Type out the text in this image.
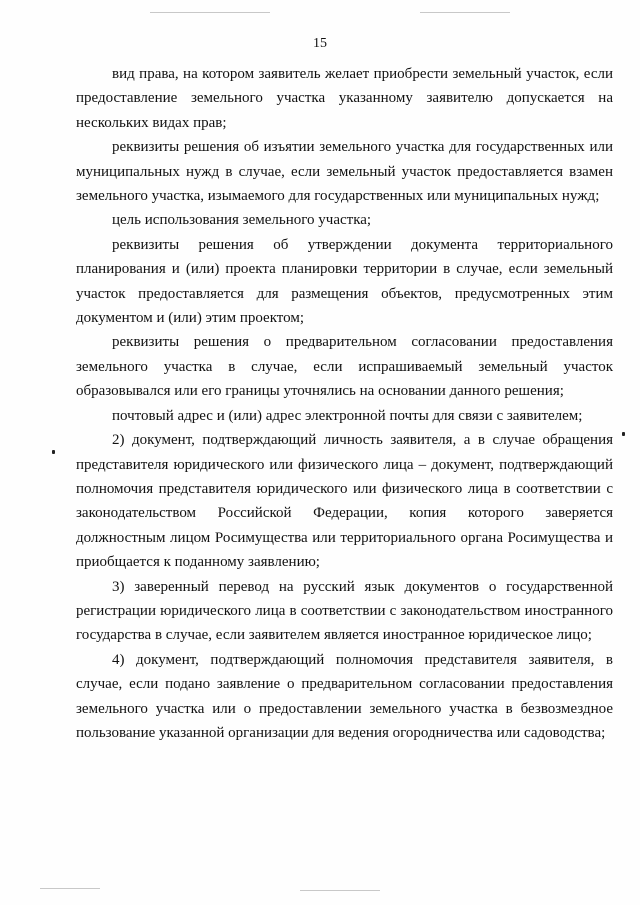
15

вид права, на котором заявитель желает приобрести земельный участок, если предоставление земельного участка указанному заявителю допускается на нескольких видах прав;

реквизиты решения об изъятии земельного участка для государственных или муниципальных нужд в случае, если земельный участок предоставляется взамен земельного участка, изымаемого для государственных или муниципальных нужд;

цель использования земельного участка;

реквизиты решения об утверждении документа территориального планирования и (или) проекта планировки территории в случае, если земельный участок предоставляется для размещения объектов, предусмотренных этим документом и (или) этим проектом;

реквизиты решения о предварительном согласовании предоставления земельного участка в случае, если испрашиваемый земельный участок образовывался или его границы уточнялись на основании данного решения;

почтовый адрес и (или) адрес электронной почты для связи с заявителем;

2) документ, подтверждающий личность заявителя, а в случае обращения представителя юридического или физического лица – документ, подтверждающий полномочия представителя юридического или физического лица в соответствии с законодательством Российской Федерации, копия которого заверяется должностным лицом Росимущества или территориального органа Росимущества и приобщается к поданному заявлению;

3) заверенный перевод на русский язык документов о государственной регистрации юридического лица в соответствии с законодательством иностранного государства в случае, если заявителем является иностранное юридическое лицо;

4) документ, подтверждающий полномочия представителя заявителя, в случае, если подано заявление о предварительном согласовании предоставления земельного участка или о предоставлении земельного участка в безвозмездное пользование указанной организации для ведения огородничества или садоводства;
